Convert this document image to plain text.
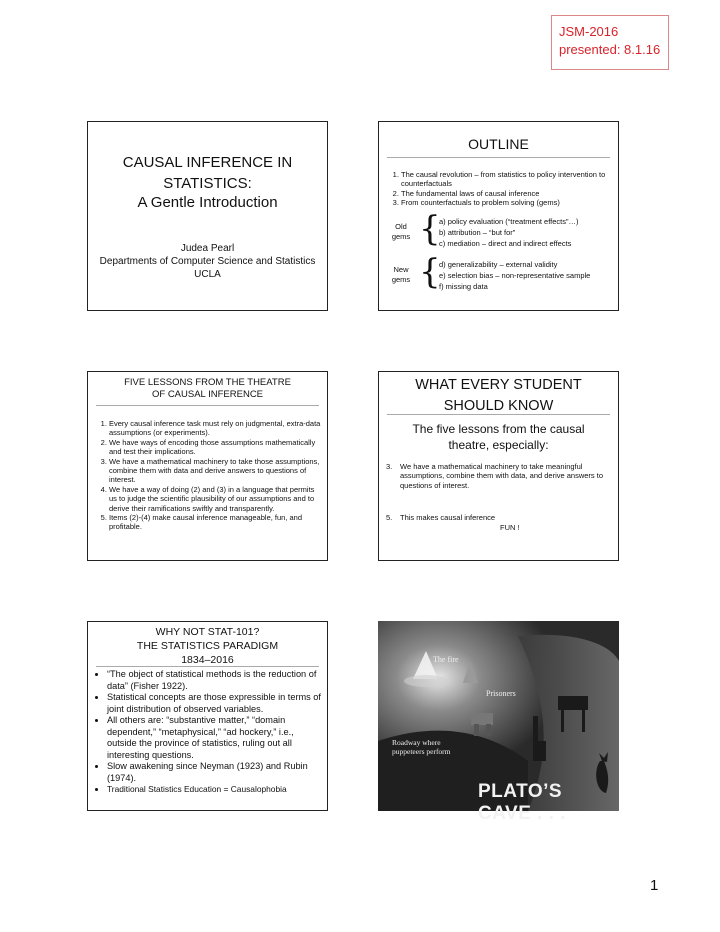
JSM-2016
presented: 8.1.16
CAUSAL INFERENCE IN
STATISTICS:
A Gentle Introduction
Judea Pearl
Departments of Computer Science and Statistics
UCLA
OUTLINE
1. The causal revolution – from statistics to policy intervention to counterfactuals
2. The fundamental laws of causal inference
3. From counterfactuals to problem solving (gems)
Old gems {
a) policy evaluation (“treatment effects”…)
b) attribution – “but for”
c) mediation – direct and indirect effects
New gems {
d) generalizability – external validity
e) selection bias – non-representative sample
f) missing data
FIVE LESSONS FROM THE THEATRE
OF CAUSAL INFERENCE
1. Every causal inference task must rely on judgmental, extra-data assumptions (or experiments).
2. We have ways of encoding those assumptions mathematically and test their implications.
3. We have a mathematical machinery to take those assumptions, combine them with data and derive answers to questions of interest.
4. We have a way of doing (2) and (3) in a language that permits us to judge the scientific plausibility of our assumptions and to derive their ramifications swiftly and transparently.
5. Items (2)-(4) make causal inference manageable, fun, and profitable.
WHAT EVERY STUDENT
SHOULD KNOW
The five lessons from the causal
theatre, especially:
3. We have a mathematical machinery to take meaningful assumptions, combine them with data, and derive answers to questions of interest.
5. This makes causal inference
FUN !
WHY NOT STAT-101?
THE STATISTICS PARADIGM
1834–2016
• “The object of statistical methods is the reduction of data” (Fisher 1922).
• Statistical concepts are those expressible in terms of joint distribution of observed variables.
• All others are: “substantive matter,” “domain dependent,” “metaphysical,” “ad hockery,” i.e., outside the province of statistics, ruling out all interesting questions.
• Slow awakening since Neyman (1923) and Rubin (1974).
• Traditional Statistics Education = Causalophobia
The fire
Prisoners
Roadway where puppeteers perform
PLATO’S CAVE . . .
1
